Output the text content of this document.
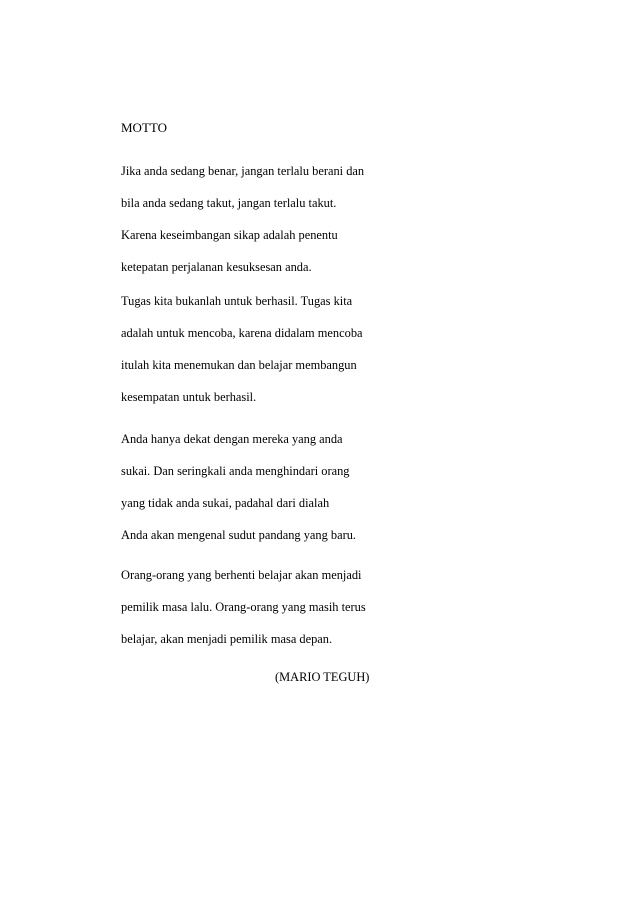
MOTTO

Jika anda sedang benar, jangan terlalu berani dan
bila anda sedang takut, jangan terlalu takut.
Karena keseimbangan sikap adalah penentu
ketepatan perjalanan kesuksesan anda.

Tugas kita bukanlah untuk berhasil. Tugas kita
adalah untuk mencoba, karena didalam mencoba
itulah kita menemukan dan belajar membangun
kesempatan untuk berhasil.

Anda hanya dekat dengan mereka yang anda
sukai. Dan seringkali anda menghindari orang
yang tidak anda sukai, padahal dari dialah
Anda akan mengenal sudut pandang yang baru.

Orang-orang yang berhenti belajar akan menjadi
pemilik masa lalu. Orang-orang yang masih terus
belajar, akan menjadi pemilik masa depan.

(MARIO TEGUH)
